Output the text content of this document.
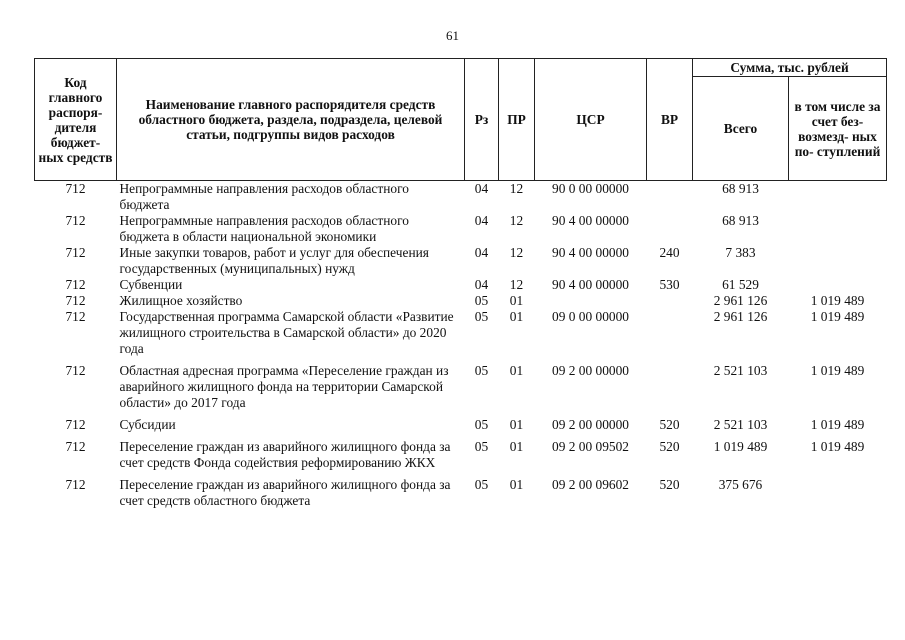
61
Код главного распоря- дителя бюджет- ных средств	Наименование главного распорядителя средств областного бюджета, раздела, подраздела, целевой статьи, подгруппы видов расходов	Рз	ПР	ЦСР	ВР	Сумма, тыс. рублей	
						Всего	в том числе за счет без- возмезд- ных по- ступлений
712	Непрограммные направления расходов областного бюджета	04	12	90 0 00 00000		68 913	
712	Непрограммные направления расходов областного бюджета в области национальной экономики	04	12	90 4 00 00000		68 913	
712	Иные закупки товаров, работ и услуг для обеспечения государственных (муниципальных) нужд	04	12	90 4 00 00000	240	7 383	
712	Субвенции	04	12	90 4 00 00000	530	61 529	
712	Жилищное хозяйство	05	01			2 961 126	1 019 489
712	Государственная программа Самарской области «Развитие жилищного строительства в Самарской области» до 2020 года	05	01	09 0 00 00000		2 961 126	1 019 489
712	Областная адресная программа «Переселение граждан из аварийного жилищного фонда на территории Самарской области» до 2017 года	05	01	09 2 00 00000		2 521 103	1 019 489
712	Субсидии	05	01	09 2 00 00000	520	2 521 103	1 019 489
712	Переселение граждан из аварийного жилищного фонда за счет средств Фонда содействия реформированию ЖКХ	05	01	09 2 00 09502	520	1 019 489	1 019 489
712	Переселение граждан из аварийного жилищного фонда за счет средств областного бюджета	05	01	09 2 00 09602	520	375 676	
